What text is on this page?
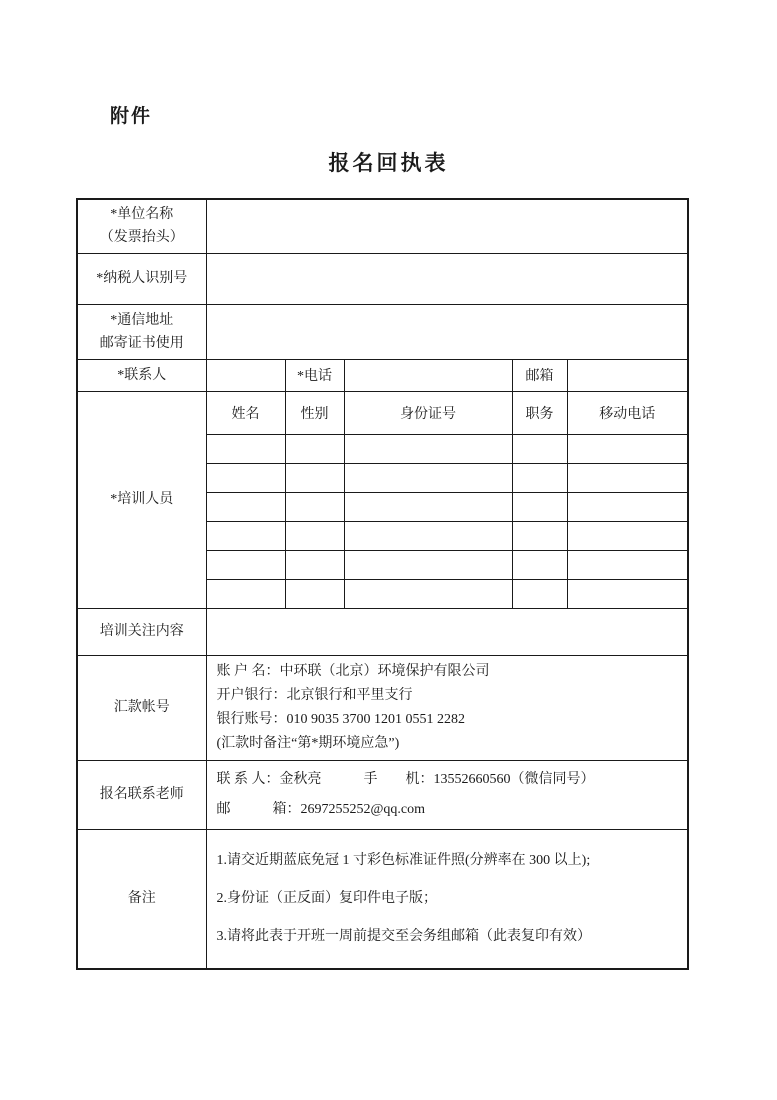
附件
报名回执表
*单位名称
（发票抬头）					

*纳税人识别号					

*通信地址
邮寄证书使用					

*联系人		*电话		邮箱	
*培训人员	姓名	性别	身份证号	职务	移动电话

培训关注内容					
汇款帐号	账 户 名：中环联（北京）环境保护有限公司
开户银行：北京银行和平里支行
银行账号：010 9035 3700 1201 0551 2282
(汇款时备注“第*期环境应急”)				

报名联系老师	联 系 人：金秋亮　　　手　　机：13552660560（微信同号）
邮　　　箱：2697255252@qq.com				

备注	1.请交近期蓝底免冠 1 寸彩色标准证件照(分辨率在 300 以上);
2.身份证（正反面）复印件电子版；
3.请将此表于开班一周前提交至会务组邮箱（此表复印有效）				
